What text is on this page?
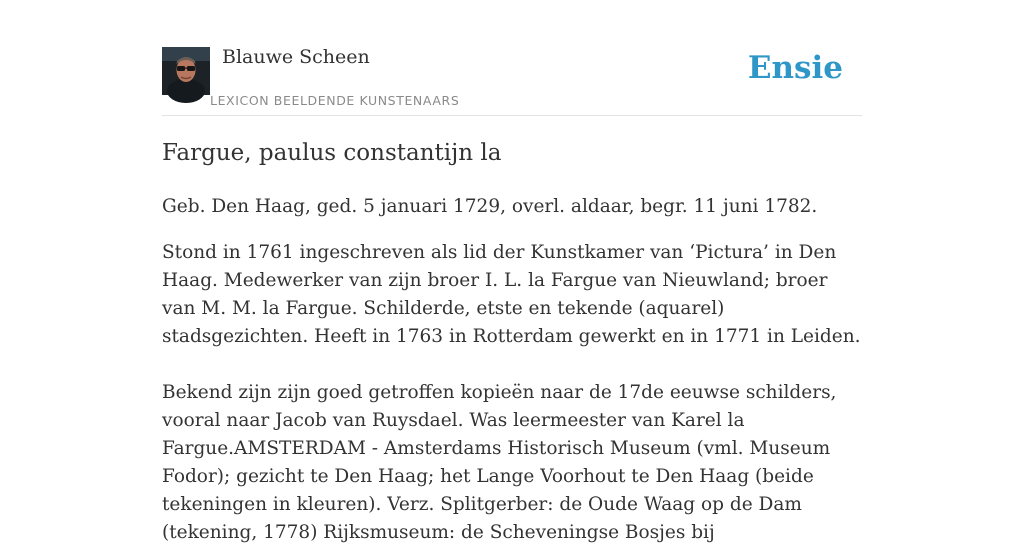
Blauwe Scheen
LEXICON BEELDENDE KUNSTENAARS
Ensie
Fargue, paulus constantijn la

Geb. Den Haag, ged. 5 januari 1729, overl. aldaar, begr. 11 juni 1782.

Stond in 1761 ingeschreven als lid der Kunstkamer van ‘Pictura’ in Den Haag. Medewerker van zijn broer I. L. la Fargue van Nieuwland; broer van M. M. la Fargue. Schilderde, etste en tekende (aquarel) stadsgezichten. Heeft in 1763 in Rotterdam gewerkt en in 1771 in Leiden.

Bekend zijn zijn goed getroffen kopieën naar de 17de eeuwse schilders, vooral naar Jacob van Ruysdael. Was leermeester van Karel la Fargue.AMSTERDAM - Amsterdams Historisch Museum (vml. Museum Fodor); gezicht te Den Haag; het Lange Voorhout te Den Haag (beide tekeningen in kleuren). Verz. Splitgerber: de Oude Waag op de Dam (tekening, 1778) Rijksmuseum: de Scheveningse Bosjes bij
